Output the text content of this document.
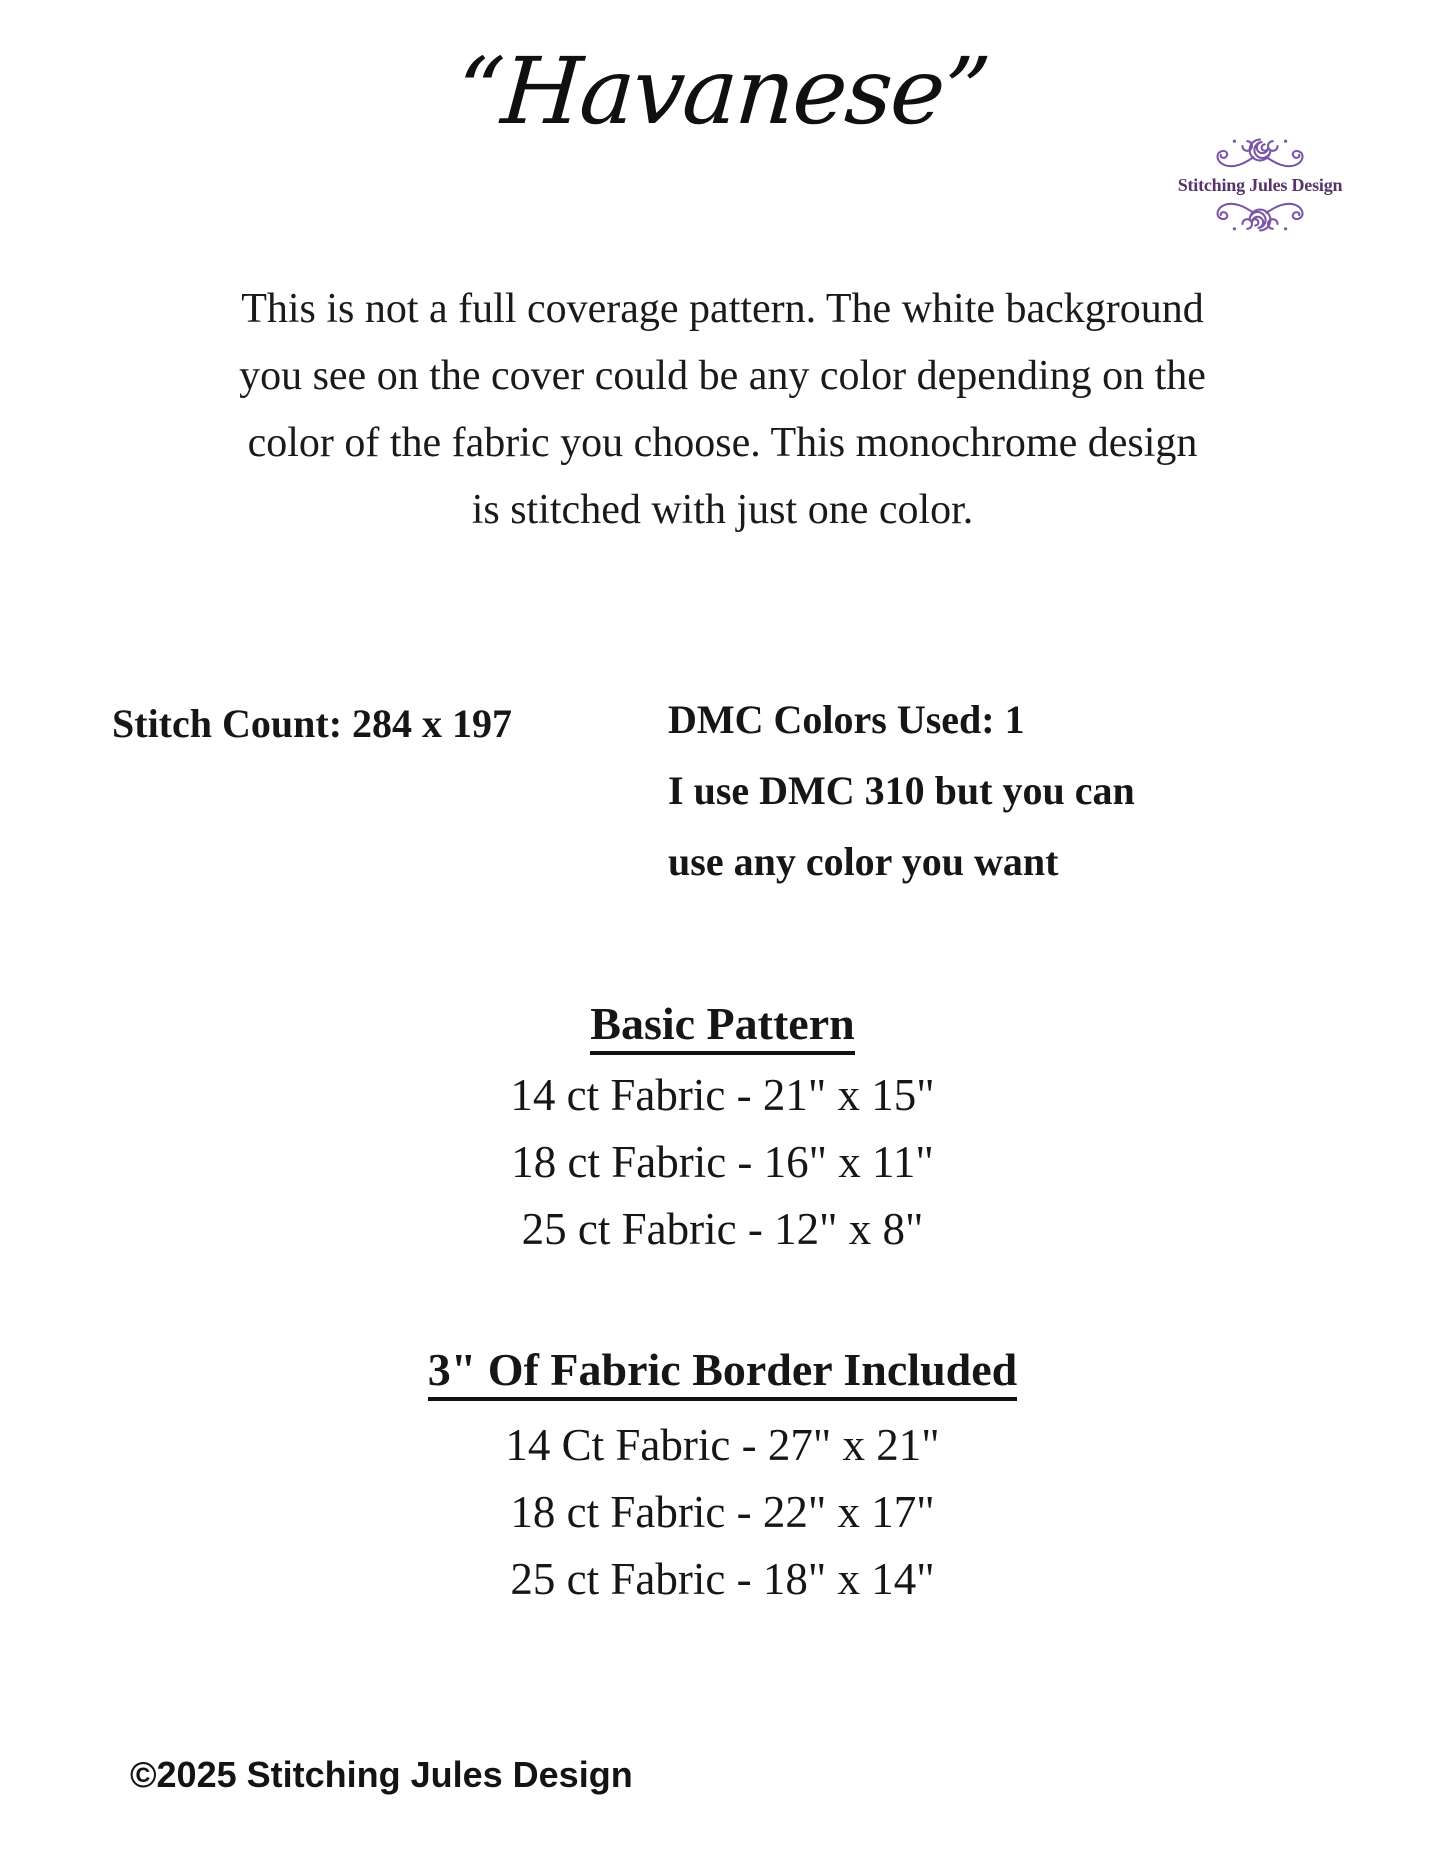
“Havanese”
Stitching Jules Design
This is not a full coverage pattern. The white background
you see on the cover could be any color depending on the
color of the fabric you choose. This monochrome design
is stitched with just one color.
Stitch Count: 284 x 197	DMC Colors Used: 1
I use DMC 310 but you can
use any color you want
Basic Pattern
14 ct Fabric - 21" x 15"
18 ct Fabric - 16" x 11"
25 ct Fabric - 12" x 8"
3" Of Fabric Border Included
14 Ct Fabric - 27" x 21"
18 ct Fabric - 22" x 17"
25 ct Fabric - 18" x 14"
©2025 Stitching Jules Design
